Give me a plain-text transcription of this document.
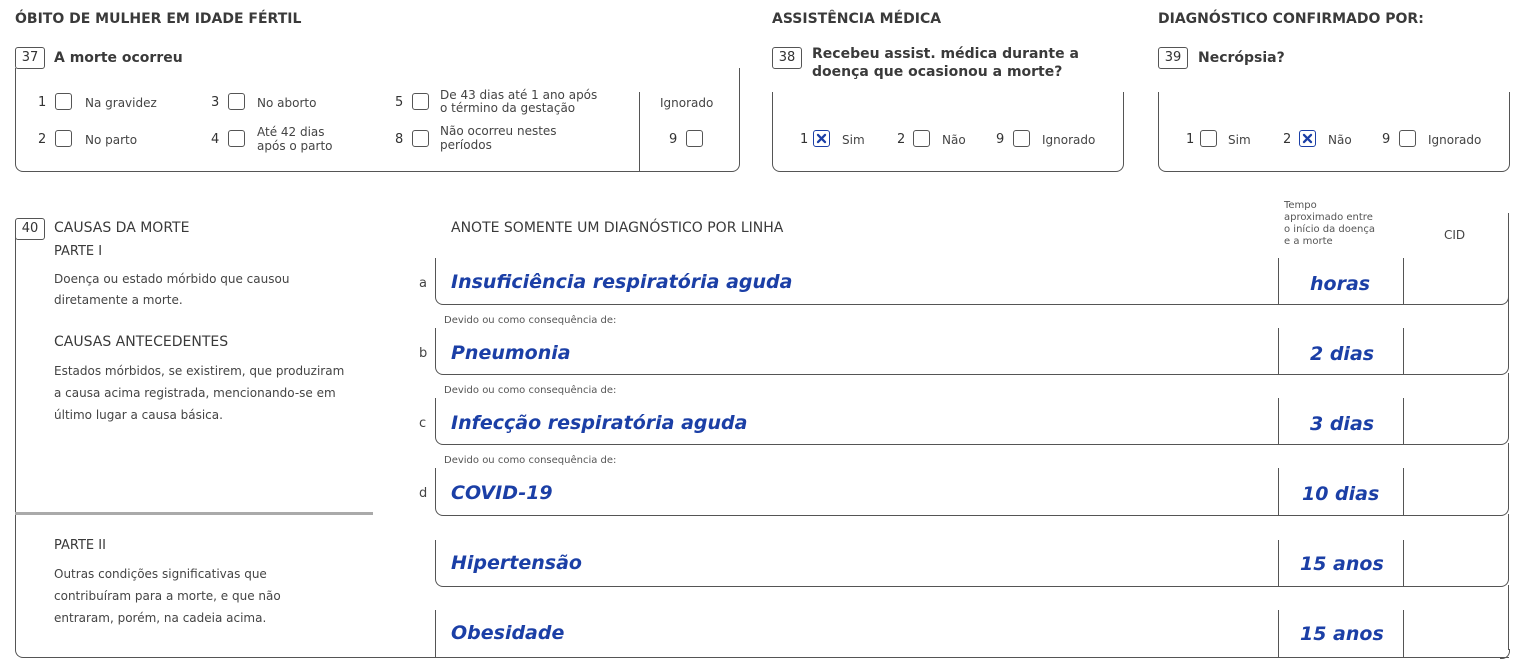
ÓBITO DE MULHER EM IDADE FÉRTIL	ASSISTÊNCIA MÉDICA	DIAGNÓSTICO CONFIRMADO POR:
37	A morte ocorreu
1	Na gravidez
2	No parto
3	No aborto
4	Até 42 dias
após o parto
5	De 43 dias até 1 ano após
o término da gestação
8
Não ocorreu nestes
períodos
Ignorado
9
38	Recebeu assist. médica durante a
doença que ocasionou a morte?
1	Sim 2	Não 9	Ignorado
39	Necrópsia?
1	Sim 2	Não 9	Ignorado
40	CAUSAS DA MORTE
PARTE I
Doença ou estado mórbido que causou
diretamente a morte.
CAUSAS ANTECEDENTES
Estados mórbidos, se existirem, que produziram
a causa acima registrada, mencionando-se em
último lugar a causa básica.
PARTE II
Outras condições significativas que
contribuíram para a morte, e que não
entraram, porém, na cadeia acima.
ANOTE SOMENTE UM DIAGNÓSTICO POR LINHA
Tempo
aproximado entre
o início da doença
e a morte	CID
a Insuficiência respiratória aguda	horas
Devido ou como consequência de:
b Pneumonia	2 dias
Devido ou como consequência de:
c Infecção respiratória aguda	3 dias
Devido ou como consequência de:
d COVID-19	10 dias
Hipertensão	15 anos
Obesidade	15 anos
